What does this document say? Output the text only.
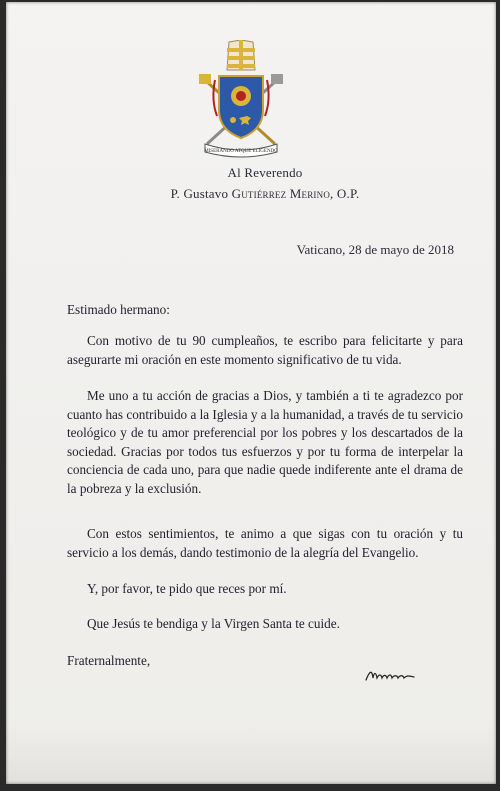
MISERANDO ATQUE ELIGENDO
Al Reverendo
P. Gustavo Gutiérrez Merino, O.P.
Vaticano, 28 de mayo de 2018
Estimado hermano:

Con motivo de tu 90 cumpleaños, te escribo para felicitarte y para asegurarte mi oración en este momento significativo de tu vida.

Me uno a tu acción de gracias a Dios, y también a ti te agradezco por cuanto has contribuido a la Iglesia y a la humanidad, a través de tu servicio teológico y de tu amor preferencial por los pobres y los descartados de la sociedad. Gracias por todos tus esfuerzos y por tu forma de interpelar la conciencia de cada uno, para que nadie quede indiferente ante el drama de la pobreza y la exclusión.

Con estos sentimientos, te animo a que sigas con tu oración y tu servicio a los demás, dando testimonio de la alegría del Evangelio.

Y, por favor, te pido que reces por mí.

Que Jesús te bendiga y la Virgen Santa te cuide.

Fraternalmente,
